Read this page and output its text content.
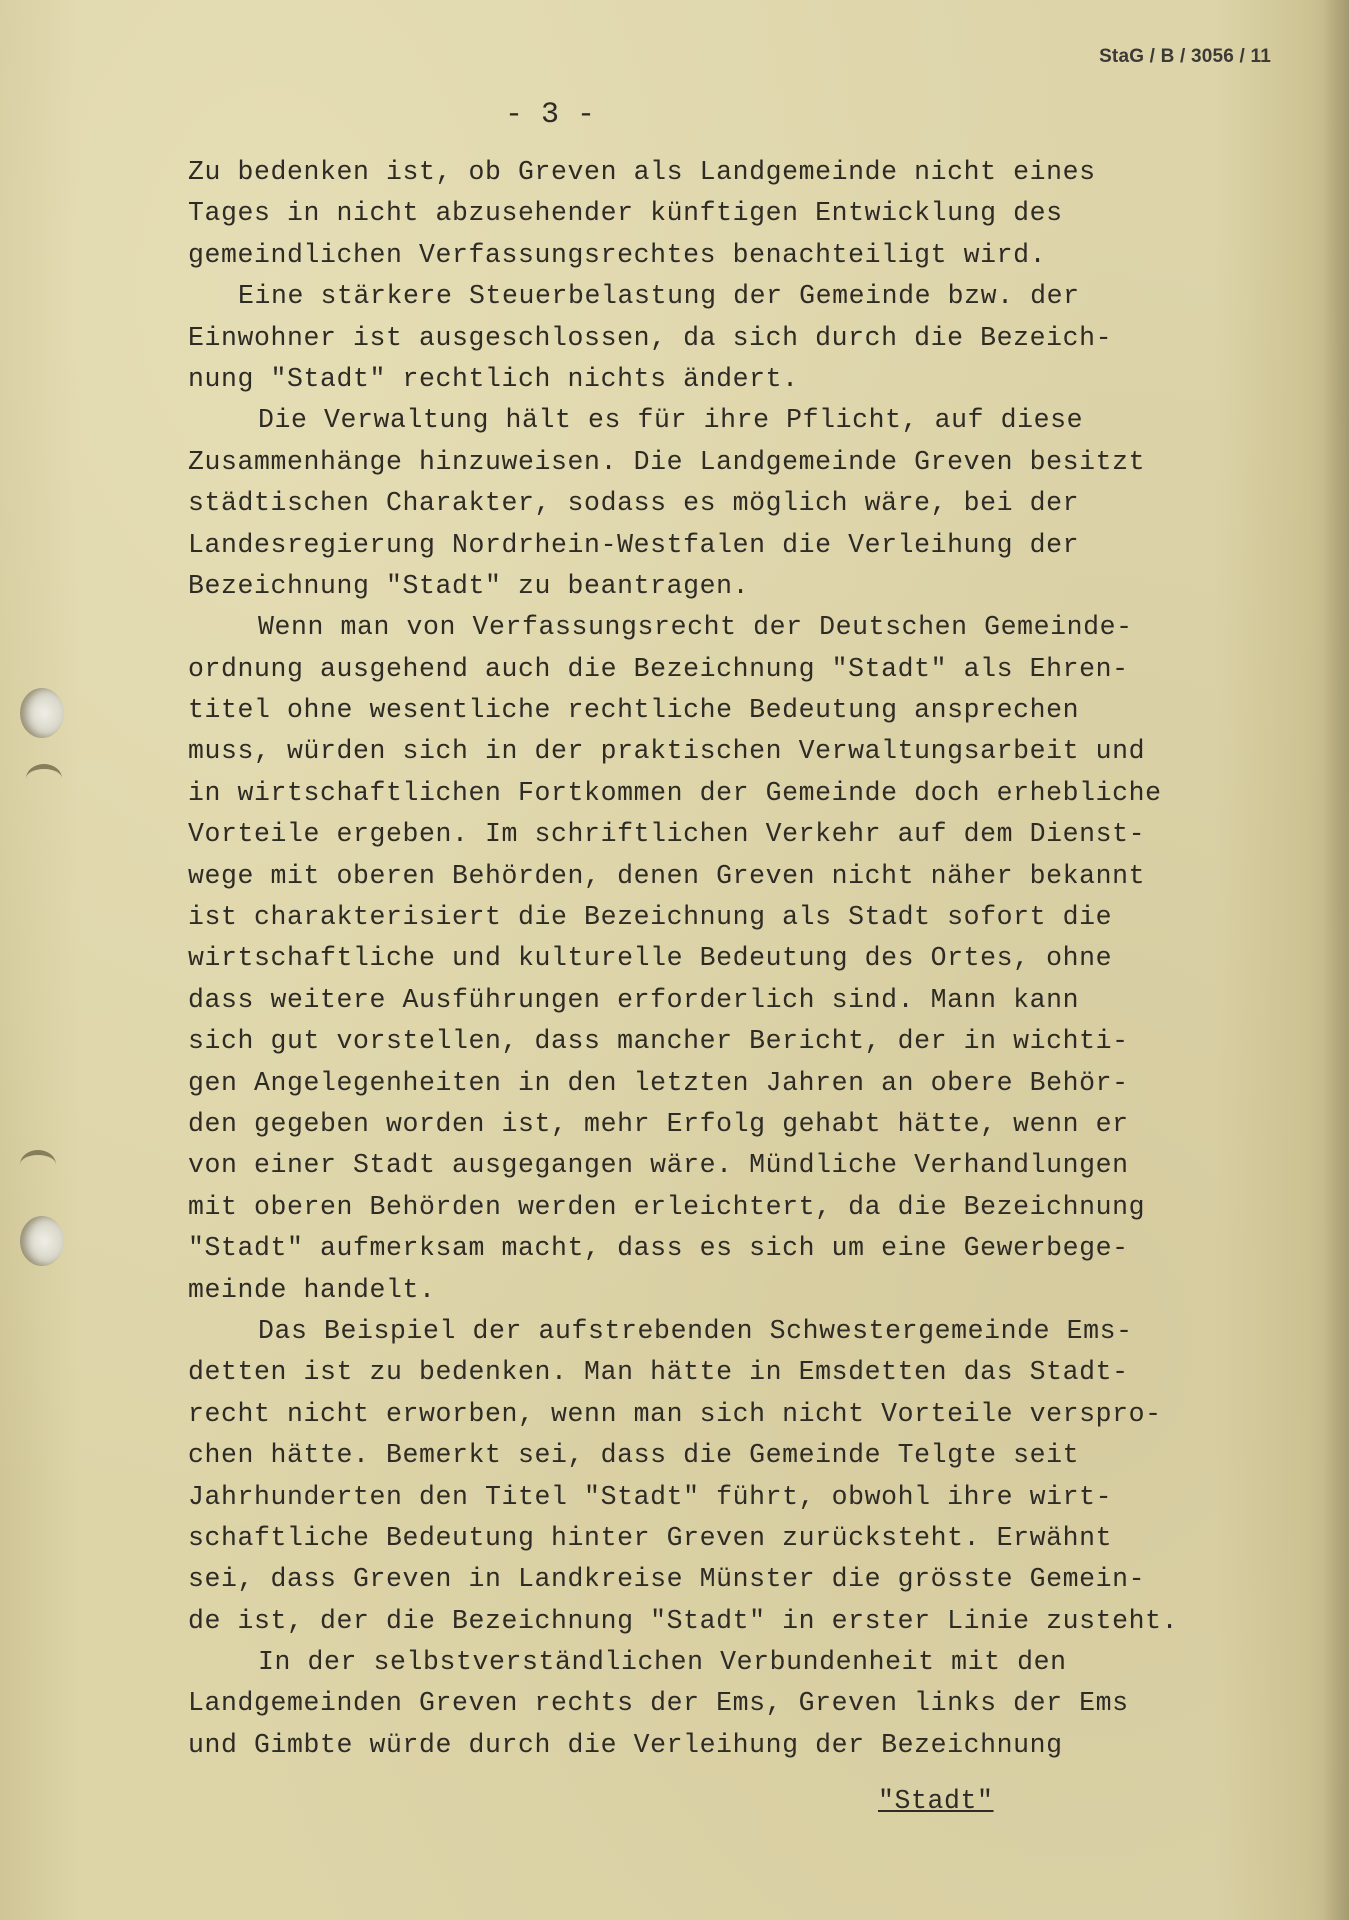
StaG / B / 3056 / 11
- 3 -
Zu bedenken ist, ob Greven als Landgemeinde nicht eines
Tages in nicht abzusehender künftigen Entwicklung des
gemeindlichen Verfassungsrechtes benachteiligt wird.
Eine stärkere Steuerbelastung der Gemeinde bzw. der
Einwohner ist ausgeschlossen, da sich durch die Bezeich-
nung "Stadt" rechtlich nichts ändert.
Die Verwaltung hält es für ihre Pflicht, auf diese
Zusammenhänge hinzuweisen. Die Landgemeinde Greven besitzt
städtischen Charakter, sodass es möglich wäre, bei der
Landesregierung Nordrhein-Westfalen die Verleihung der
Bezeichnung "Stadt" zu beantragen.
Wenn man von Verfassungsrecht der Deutschen Gemeinde-
ordnung ausgehend auch die Bezeichnung "Stadt" als Ehren-
titel ohne wesentliche rechtliche Bedeutung ansprechen
muss, würden sich in der praktischen Verwaltungsarbeit und
in wirtschaftlichen Fortkommen der Gemeinde doch erhebliche
Vorteile ergeben. Im schriftlichen Verkehr auf dem Dienst-
wege mit oberen Behörden, denen Greven nicht näher bekannt
ist charakterisiert die Bezeichnung als Stadt sofort die
wirtschaftliche und kulturelle Bedeutung des Ortes, ohne
dass weitere Ausführungen erforderlich sind. Mann kann
sich gut vorstellen, dass mancher Bericht, der in wichti-
gen Angelegenheiten in den letzten Jahren an obere Behör-
den gegeben worden ist, mehr Erfolg gehabt hätte, wenn er
von einer Stadt ausgegangen wäre. Mündliche Verhandlungen
mit oberen Behörden werden erleichtert, da die Bezeichnung
"Stadt" aufmerksam macht, dass es sich um eine Gewerbege-
meinde handelt.
Das Beispiel der aufstrebenden Schwestergemeinde Ems-
detten ist zu bedenken. Man hätte in Emsdetten das Stadt-
recht nicht erworben, wenn man sich nicht Vorteile verspro-
chen hätte. Bemerkt sei, dass die Gemeinde Telgte seit
Jahrhunderten den Titel "Stadt" führt, obwohl ihre wirt-
schaftliche Bedeutung hinter Greven zurücksteht. Erwähnt
sei, dass Greven in Landkreise Münster die grösste Gemein-
de ist, der die Bezeichnung "Stadt" in erster Linie zusteht.
In der selbstverständlichen Verbundenheit mit den
Landgemeinden Greven rechts der Ems, Greven links der Ems
und Gimbte würde durch die Verleihung der Bezeichnung
"Stadt"
